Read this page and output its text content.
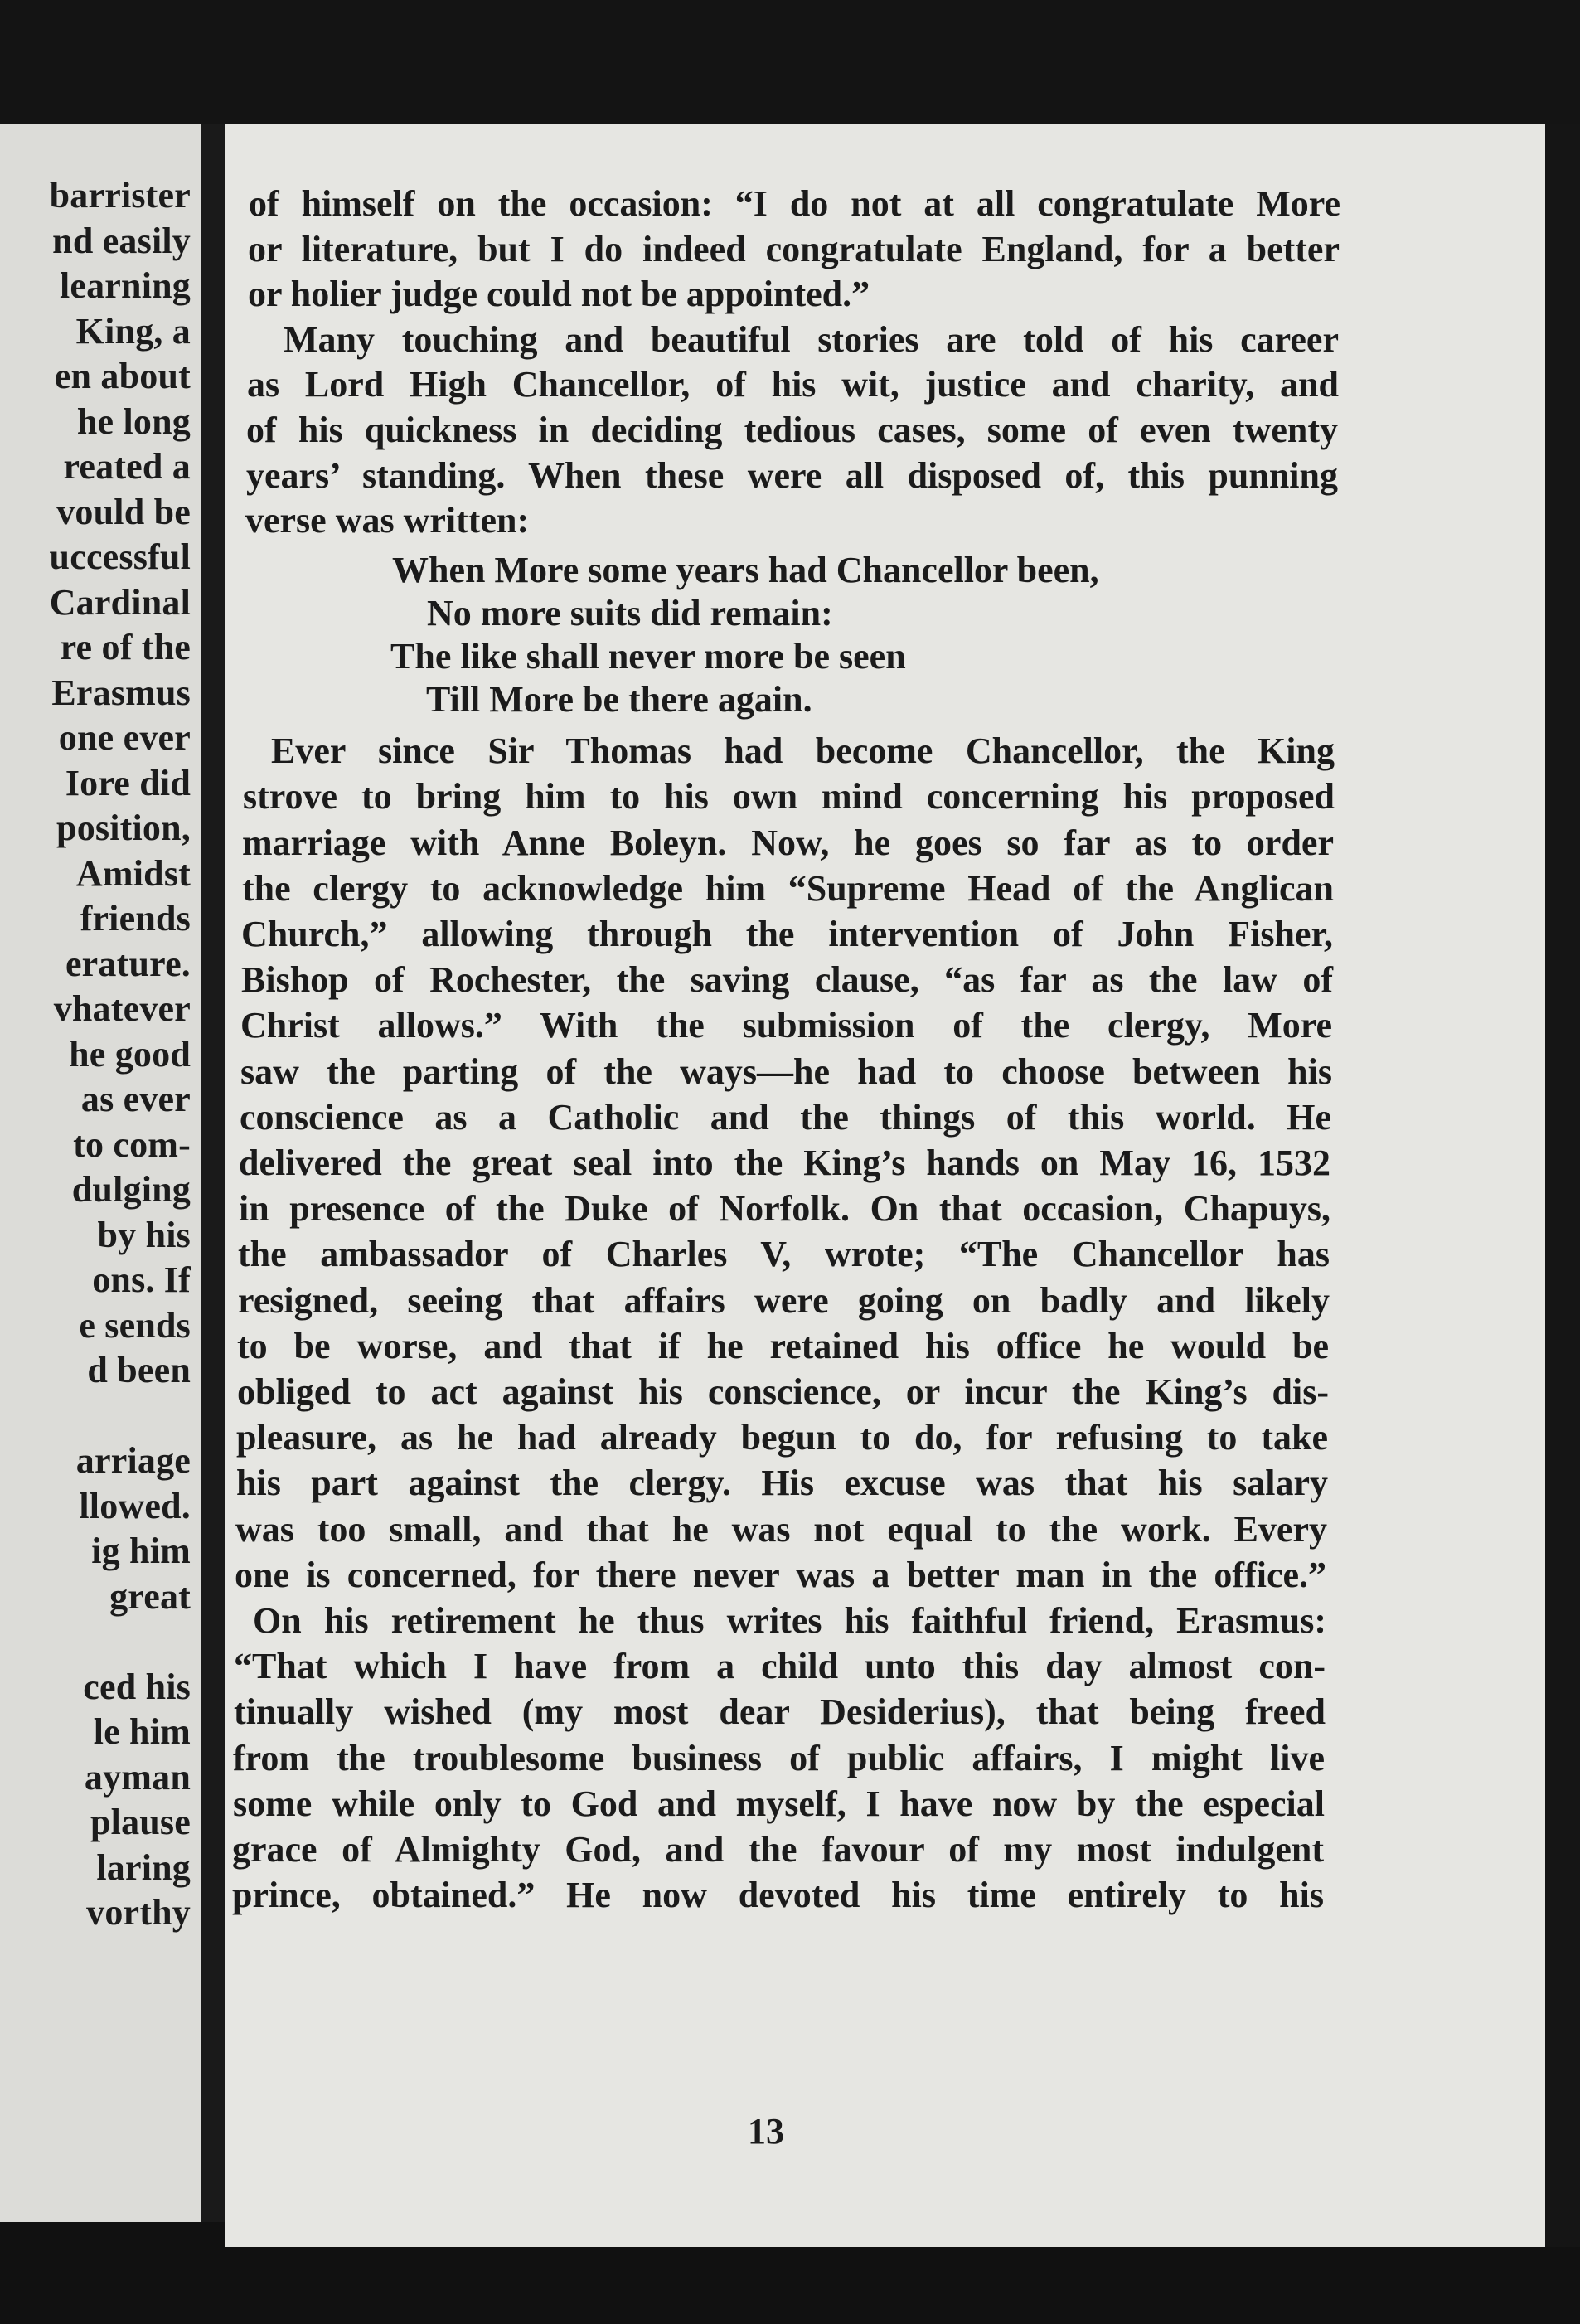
barrister
nd easily
learning
King, a
en about
he long
reated a
vould be
uccessful
Cardinal
re of the
Erasmus
one ever
Iore did
position,
Amidst
friends
erature.
vhatever
he good
as ever
to com-
dulging
by his
ons. If
e sends
d been
arriage
llowed.
ig him
great
ced his
le him
ayman
plause
laring
vorthy
of himself on the occasion: “I do not at all congratulate More
or literature, but I do indeed congratulate England, for a better
or holier judge could not be appointed.”
Many touching and beautiful stories are told of his career
as Lord High Chancellor, of his wit, justice and charity, and
of his quickness in deciding tedious cases, some of even twenty
years’ standing. When these were all disposed of, this punning
verse was written:
When More some years had Chancellor been,
No more suits did remain:
The like shall never more be seen
Till More be there again.
Ever since Sir Thomas had become Chancellor, the King
strove to bring him to his own mind concerning his proposed
marriage with Anne Boleyn. Now, he goes so far as to order
the clergy to acknowledge him “Supreme Head of the Anglican
Church,” allowing through the intervention of John Fisher,
Bishop of Rochester, the saving clause, “as far as the law of
Christ allows.” With the submission of the clergy, More
saw the parting of the ways—he had to choose between his
conscience as a Catholic and the things of this world. He
delivered the great seal into the King’s hands on May 16, 1532
in presence of the Duke of Norfolk. On that occasion, Chapuys,
the ambassador of Charles V, wrote; “The Chancellor has
resigned, seeing that affairs were going on badly and likely
to be worse, and that if he retained his office he would be
obliged to act against his conscience, or incur the King’s dis-
pleasure, as he had already begun to do, for refusing to take
his part against the clergy. His excuse was that his salary
was too small, and that he was not equal to the work. Every
one is concerned, for there never was a better man in the office.”
On his retirement he thus writes his faithful friend, Erasmus:
“That which I have from a child unto this day almost con-
tinually wished (my most dear Desiderius), that being freed
from the troublesome business of public affairs, I might live
some while only to God and myself, I have now by the especial
grace of Almighty God, and the favour of my most indulgent
prince, obtained.” He now devoted his time entirely to his
13
